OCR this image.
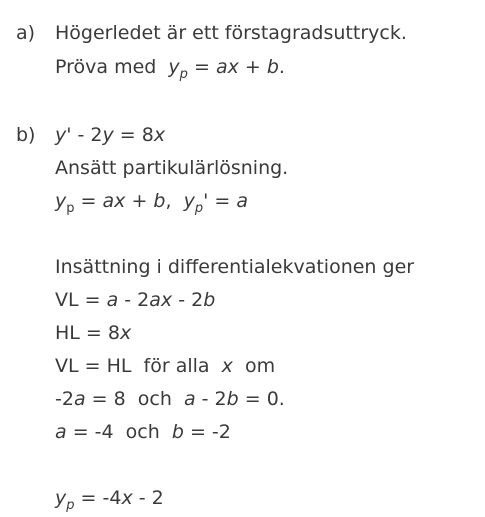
a) Högerledet är ett förstagradsuttryck.
Pröva med $y_p$ = ax + b.
b) y' - 2y = 8x
Ansätt partikulärlösning.
$y_p$ = ax + b,  $y_p' = a$
Insättning i differentialekvationen ger
VL = a - 2ax - 2b
HL = 8x
VL = HL  för alla  x  om
-2a = 8  och  a - 2b = 0.
a = -4  och  b = -2
$y_p = -4x - 2$
